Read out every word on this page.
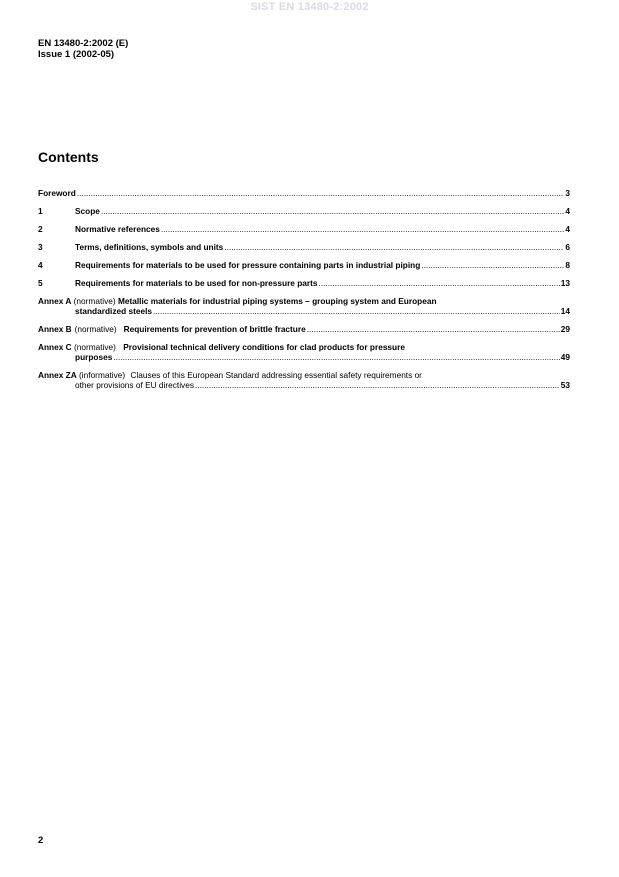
SIST EN 13480-2:2002
EN 13480-2:2002 (E)
Issue 1 (2002-05)
Contents
Foreword .....	3
1	Scope .....	4
2	Normative references .....	4
3	Terms, definitions, symbols and units .....	6
4	Requirements for materials to be used for pressure containing parts in industrial piping .....	8
5	Requirements for materials to be used for non-pressure parts .....	13
Annex A (normative) Metallic materials for industrial piping systems – grouping system and European
standardized steels .....	14
Annex B (normative) Requirements for prevention of brittle fracture .....	29
Annex C (normative) Provisional technical delivery conditions for clad products for pressure
purposes .....	49
Annex ZA (informative) Clauses of this European Standard addressing essential safety requirements or
other provisions of EU directives .....	53
2
